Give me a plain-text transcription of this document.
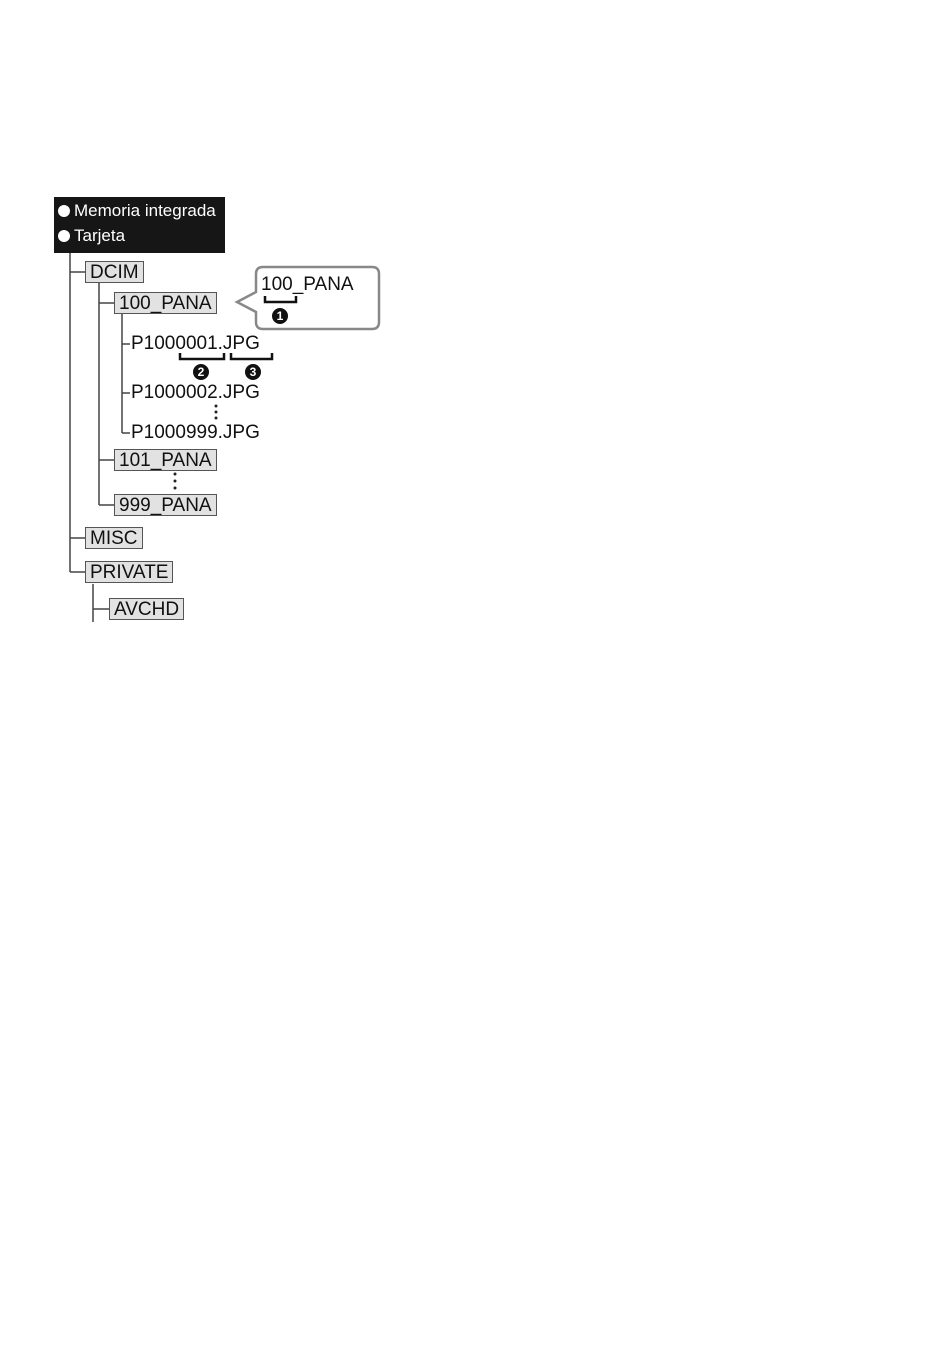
Memoria integrada
Tarjeta
DCIM
100_PANA
101_PANA
999_PANA
MISC
PRIVATE
AVCHD
P1000001.JPG
P1000002.JPG
P1000999.JPG
100_PANA
1
2	3
